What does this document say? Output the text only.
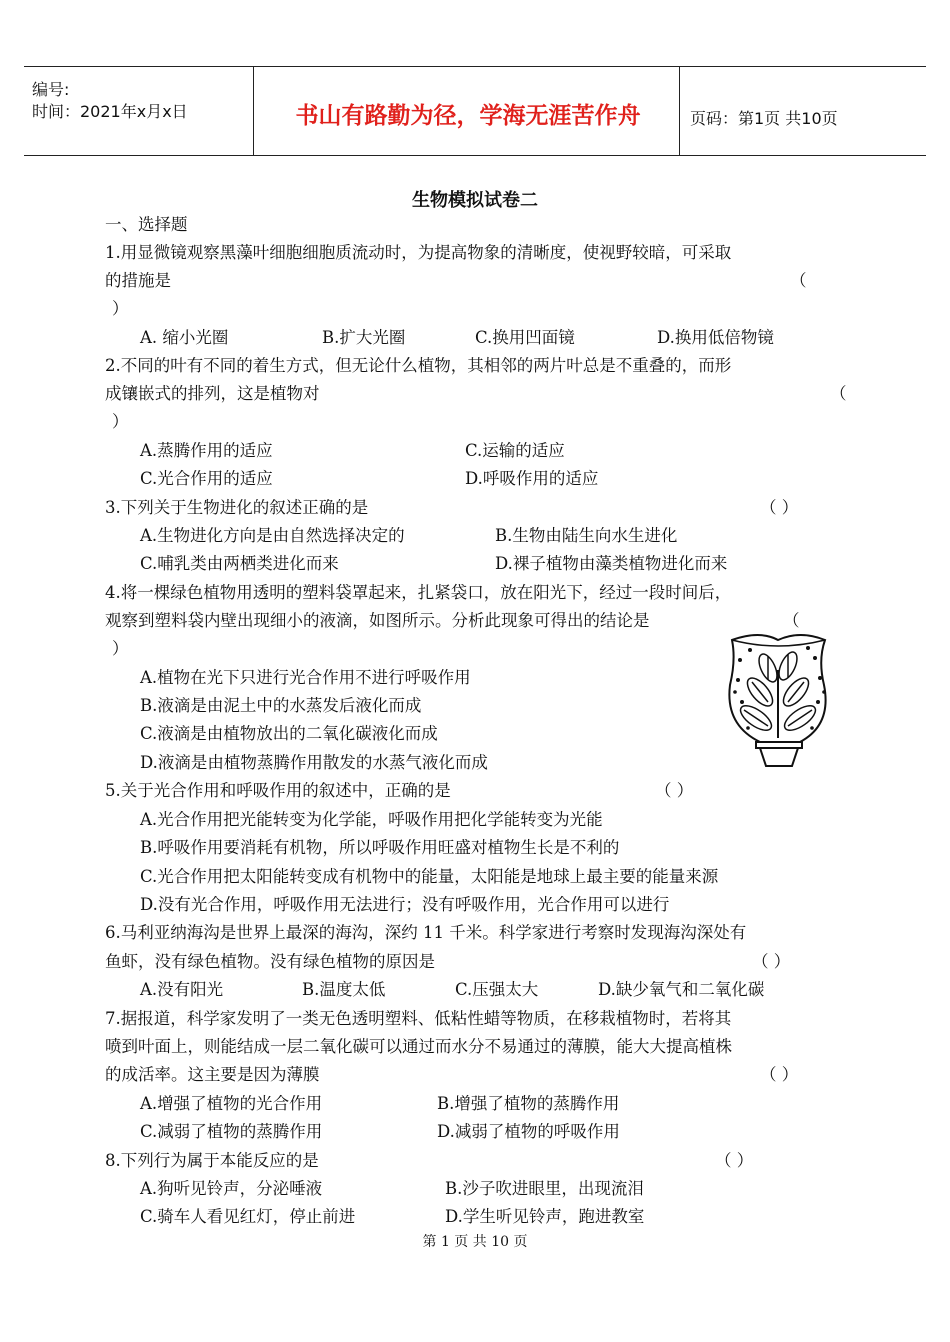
编号:
时间：2021年x月x日	书山有路勤为径，学海无涯苦作舟	页码：第1页 共10页
生物模拟试卷二
一、选择题
1.用显微镜观察黑藻叶细胞细胞质流动时，为提高物象的清晰度，使视野较暗，可采取
的措施是	（
）
A. 缩小光圈	B.扩大光圈	C.换用凹面镜	D.换用低倍物镜
2.不同的叶有不同的着生方式，但无论什么植物，其相邻的两片叶总是不重叠的，而形
成镶嵌式的排列，这是植物对	（
）
A.蒸腾作用的适应	C.运输的适应
C.光合作用的适应	D.呼吸作用的适应
3.下列关于生物进化的叙述正确的是	（ ）
A.生物进化方向是由自然选择决定的	B.生物由陆生向水生进化
C.哺乳类由两栖类进化而来	D.裸子植物由藻类植物进化而来
4.将一棵绿色植物用透明的塑料袋罩起来，扎紧袋口，放在阳光下，经过一段时间后，
观察到塑料袋内壁出现细小的液滴，如图所示。分析此现象可得出的结论是	（
）
A.植物在光下只进行光合作用不进行呼吸作用
B.液滴是由泥土中的水蒸发后液化而成
C.液滴是由植物放出的二氧化碳液化而成
D.液滴是由植物蒸腾作用散发的水蒸气液化而成
5.关于光合作用和呼吸作用的叙述中，正确的是	（ ）
A.光合作用把光能转变为化学能，呼吸作用把化学能转变为光能
B.呼吸作用要消耗有机物，所以呼吸作用旺盛对植物生长是不利的
C.光合作用把太阳能转变成有机物中的能量，太阳能是地球上最主要的能量来源
D.没有光合作用，呼吸作用无法进行；没有呼吸作用，光合作用可以进行
6.马利亚纳海沟是世界上最深的海沟，深约 11 千米。科学家进行考察时发现海沟深处有
鱼虾，没有绿色植物。没有绿色植物的原因是	（ ）
A.没有阳光	B.温度太低	C.压强太大	D.缺少氧气和二氧化碳
7.据报道，科学家发明了一类无色透明塑料、低粘性蜡等物质，在移栽植物时，若将其
喷到叶面上，则能结成一层二氧化碳可以通过而水分不易通过的薄膜，能大大提高植株
的成活率。这主要是因为薄膜	（ ）
A.增强了植物的光合作用	B.增强了植物的蒸腾作用
C.减弱了植物的蒸腾作用	D.减弱了植物的呼吸作用
8.下列行为属于本能反应的是	（ ）
A.狗听见铃声，分泌唾液	B.沙子吹进眼里，出现流泪
C.骑车人看见红灯，停止前进	D.学生听见铃声，跑进教室
第 1 页 共 10 页
